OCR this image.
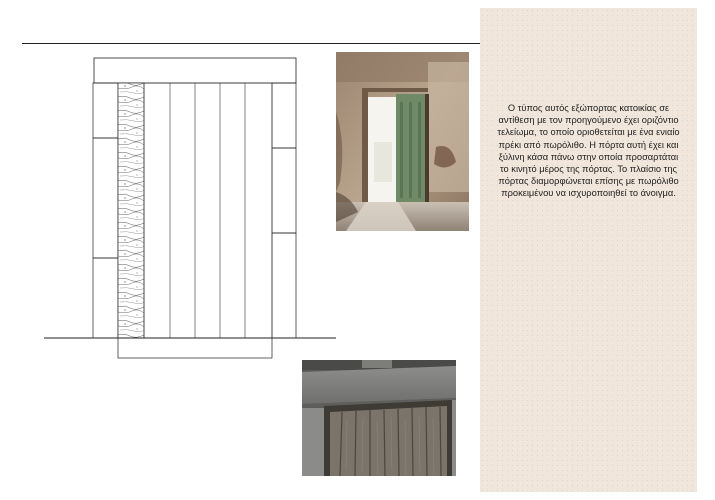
Ο τύπος αυτός εξώπορτας κατοικίας σε αντίθεση με τον προηγούμενο έχει οριζόντιο τελείωμα, το οποίο οριοθετείται με ένα ενιαίο πρέκι από πωρόλιθο. Η πόρτα αυτή έχει και ξύλινη κάσα πάνω στην οποία προσαρτάται το κινητό μέρος της πόρτας. Το πλαίσιο της πόρτας διαμορφώνεται επίσης με πωρόλιθο προκειμένου να ισχυροποιηθεί το άνοιγμα.
